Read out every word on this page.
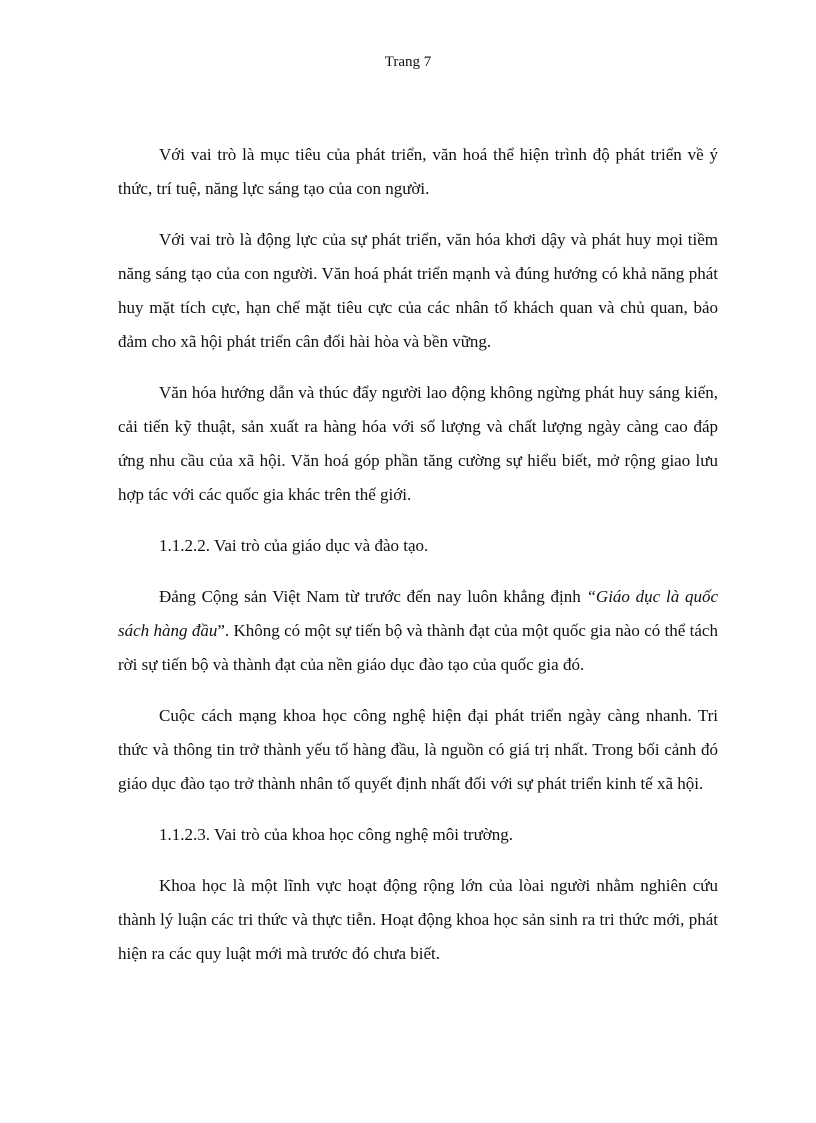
Trang 7

Với vai trò là mục tiêu của phát triển, văn hoá thể hiện trình độ phát triển về ý thức, trí tuệ, năng lực sáng tạo của con người.

Với vai trò là động lực của sự phát triển, văn hóa khơi dậy và phát huy mọi tiềm năng sáng tạo của con người. Văn hoá phát triển mạnh và đúng hướng có khả năng phát huy mặt tích cực, hạn chế mặt tiêu cực của các nhân tố khách quan và chủ quan, bảo đảm cho xã hội phát triển cân đối hài hòa và bền vững.

Văn hóa hướng dẫn và thúc đẩy người lao động không ngừng phát huy sáng kiến, cải tiến kỹ thuật, sản xuất ra hàng hóa với số lượng và chất lượng ngày càng cao đáp ứng nhu cầu của xã hội. Văn hoá góp phần tăng cường sự hiểu biết, mở rộng giao lưu hợp tác với các quốc gia khác trên thế giới.

1.1.2.2. Vai trò của giáo dục và đào tạo.

Đảng Cộng sản Việt Nam từ trước đến nay luôn khẳng định “Giáo dục là quốc sách hàng đầu”. Không có một sự tiến bộ và thành đạt của một quốc gia nào có thể tách rời sự tiến bộ và thành đạt của nền giáo dục đào tạo của quốc gia đó.

Cuộc cách mạng khoa học công nghệ hiện đại phát triển ngày càng nhanh. Tri thức và thông tin trở thành yếu tố hàng đầu, là nguồn có giá trị nhất. Trong bối cảnh đó giáo dục đào tạo trở thành nhân tố quyết định nhất đối với sự phát triển kinh tế xã hội.

1.1.2.3. Vai trò của khoa học công nghệ môi trường.

Khoa học là một lĩnh vực hoạt động rộng lớn của lòai người nhằm nghiên cứu thành lý luận các tri thức và thực tiễn. Hoạt động khoa học sản sinh ra tri thức mới, phát hiện ra các quy luật mới mà trước đó chưa biết.
